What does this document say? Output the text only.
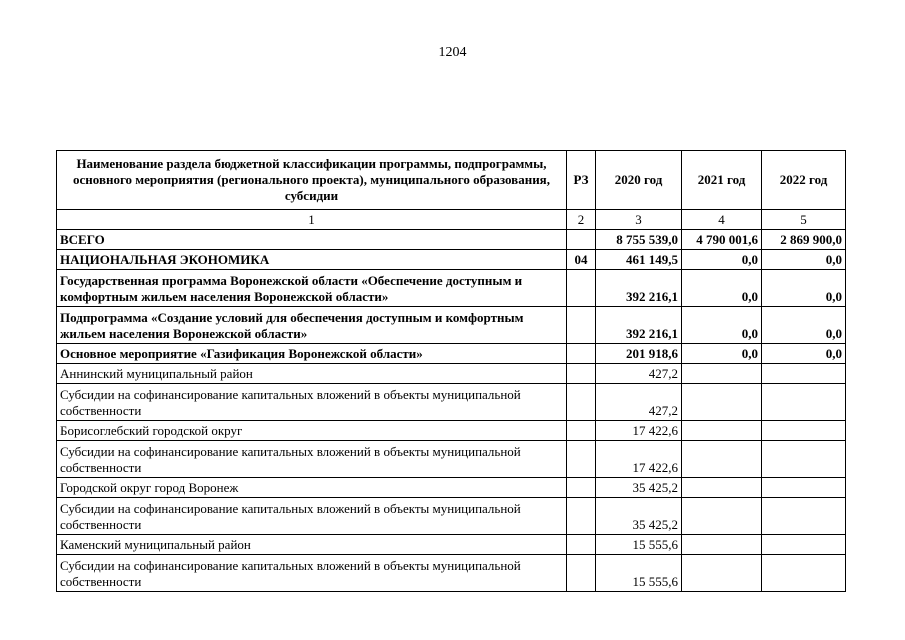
1204
Наименование раздела бюджетной классификации программы, подпрограммы, основного мероприятия (регионального проекта), муниципального образования, субсидии	РЗ	2020 год	2021 год	2022 год
1	2	3	4	5
ВСЕГО		8 755 539,0	4 790 001,6	2 869 900,0
НАЦИОНАЛЬНАЯ ЭКОНОМИКА	04	461 149,5	0,0	0,0
Государственная программа Воронежской области «Обеспечение доступным и комфортным жильем населения Воронежской области»		392 216,1	0,0	0,0
Подпрограмма «Создание условий для обеспечения доступным и комфортным жильем населения Воронежской области»		392 216,1	0,0	0,0
Основное мероприятие «Газификация Воронежской области»		201 918,6	0,0	0,0
Аннинский муниципальный район		427,2		
Субсидии на софинансирование капитальных вложений в объекты муниципальной собственности		427,2		
Борисоглебский городской округ		17 422,6		
Субсидии на софинансирование капитальных вложений в объекты муниципальной собственности		17 422,6		
Городской округ город Воронеж		35 425,2		
Субсидии на софинансирование капитальных вложений в объекты муниципальной собственности		35 425,2		
Каменский муниципальный район		15 555,6		
Субсидии на софинансирование капитальных вложений в объекты муниципальной собственности		15 555,6		
